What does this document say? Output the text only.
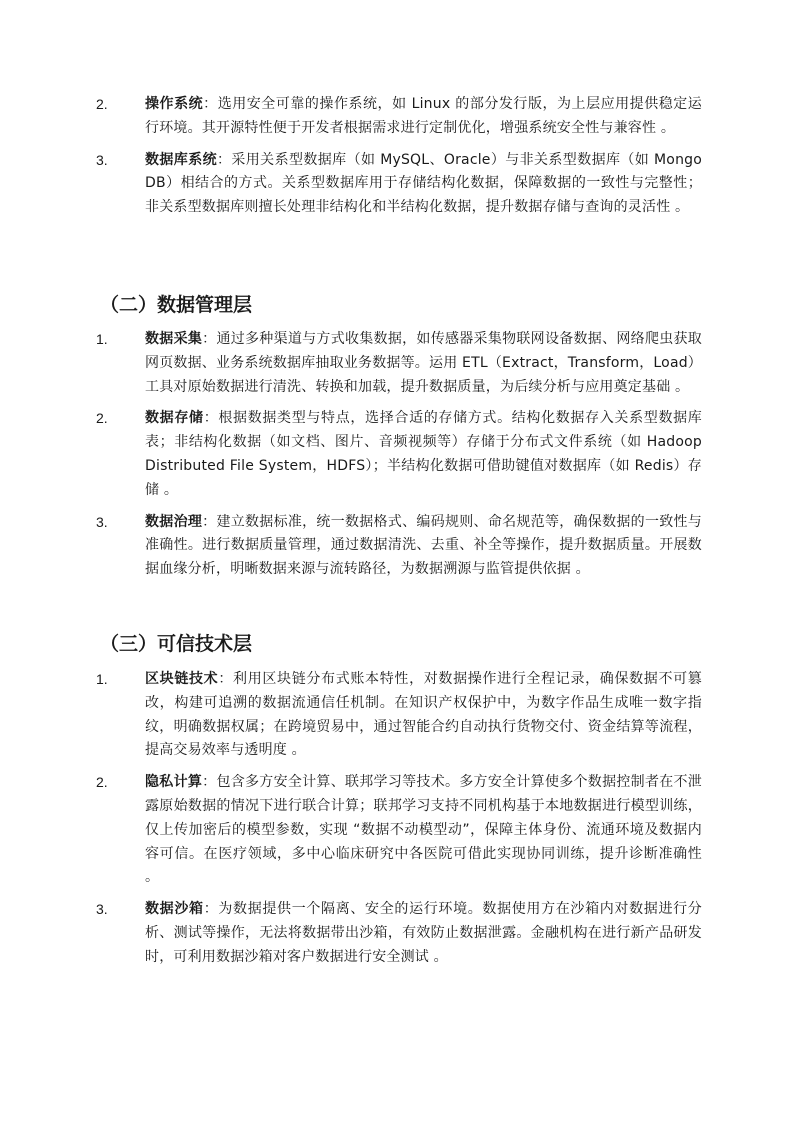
2.	操作系统：选用安全可靠的操作系统，如 Linux 的部分发行版，为上层应用提供稳定运行环境。其开源特性便于开发者根据需求进行定制优化，增强系统安全性与兼容性 。

3.	数据库系统：采用关系型数据库（如 MySQL、Oracle）与非关系型数据库（如 MongoDB）相结合的方式。关系型数据库用于存储结构化数据，保障数据的一致性与完整性；非关系型数据库则擅长处理非结构化和半结构化数据，提升数据存储与查询的灵活性 。

（二）数据管理层
1.	数据采集：通过多种渠道与方式收集数据，如传感器采集物联网设备数据、网络爬虫获取网页数据、业务系统数据库抽取业务数据等。运用 ETL（Extract，Transform，Load）工具对原始数据进行清洗、转换和加载，提升数据质量，为后续分析与应用奠定基础 。

2.	数据存储：根据数据类型与特点，选择合适的存储方式。结构化数据存入关系型数据库表；非结构化数据（如文档、图片、音频视频等）存储于分布式文件系统（如 Hadoop Distributed File System，HDFS）；半结构化数据可借助键值对数据库（如 Redis）存储 。

3.	数据治理：建立数据标准，统一数据格式、编码规则、命名规范等，确保数据的一致性与准确性。进行数据质量管理，通过数据清洗、去重、补全等操作，提升数据质量。开展数据血缘分析，明晰数据来源与流转路径，为数据溯源与监管提供依据 。

（三）可信技术层
1.	区块链技术：利用区块链分布式账本特性，对数据操作进行全程记录，确保数据不可篡改，构建可追溯的数据流通信任机制。在知识产权保护中，为数字作品生成唯一数字指纹，明确数据权属；在跨境贸易中，通过智能合约自动执行货物交付、资金结算等流程，提高交易效率与透明度 。

2.	隐私计算：包含多方安全计算、联邦学习等技术。多方安全计算使多个数据控制者在不泄露原始数据的情况下进行联合计算；联邦学习支持不同机构基于本地数据进行模型训练，仅上传加密后的模型参数，实现 “数据不动模型动”，保障主体身份、流通环境及数据内容可信。在医疗领域，多中心临床研究中各医院可借此实现协同训练，提升诊断准确性 。

3.	数据沙箱：为数据提供一个隔离、安全的运行环境。数据使用方在沙箱内对数据进行分析、测试等操作，无法将数据带出沙箱，有效防止数据泄露。金融机构在进行新产品研发时，可利用数据沙箱对客户数据进行安全测试 。
